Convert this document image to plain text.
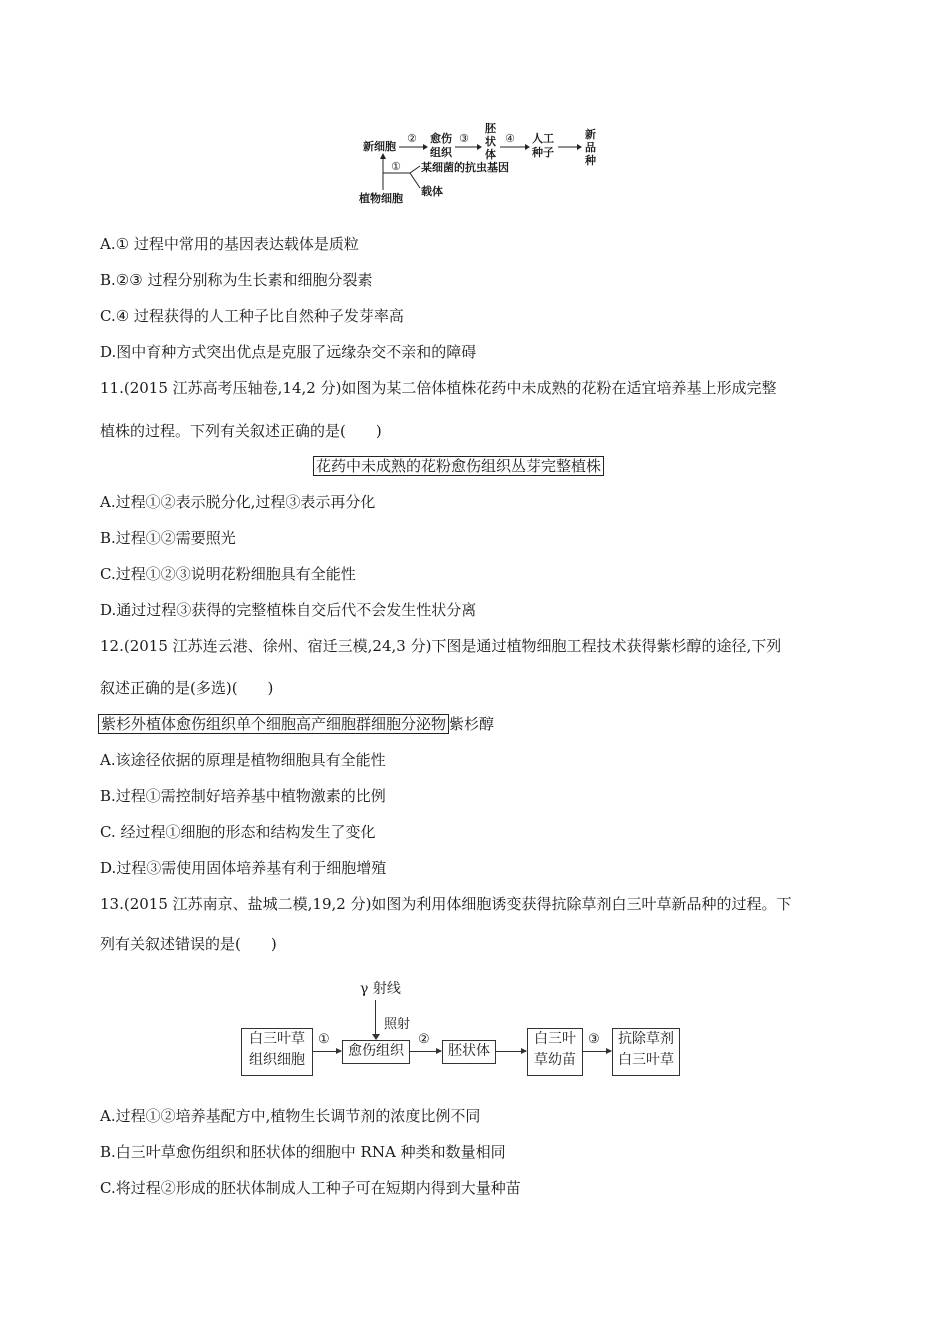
新细胞
② 愈伤
组织
③
胚
状
体
④ 人工
种子
新
品
种
① 某细菌的抗虫基因
载体
植物细胞
A.① 过程中常用的基因表达载体是质粒
B.②③ 过程分别称为生长素和细胞分裂素
C.④ 过程获得的人工种子比自然种子发芽率高
D.图中育种方式突出优点是克服了远缘杂交不亲和的障碍
11.(2015 江苏高考压轴卷,14,2 分)如图为某二倍体植株花药中未成熟的花粉在适宜培养基上形成完整
植株的过程。下列有关叙述正确的是(　　)
花药中未成熟的花粉愈伤组织丛芽完整植株
A.过程①②表示脱分化,过程③表示再分化
B.过程①②需要照光
C.过程①②③说明花粉细胞具有全能性
D.通过过程③获得的完整植株自交后代不会发生性状分离
12.(2015 江苏连云港、徐州、宿迁三模,24,3 分)下图是通过植物细胞工程技术获得紫杉醇的途径,下列
叙述正确的是(多选)(　　)
紫杉外植体愈伤组织单个细胞高产细胞群细胞分泌物 紫杉醇
A.该途径依据的原理是植物细胞具有全能性
B.过程①需控制好培养基中植物激素的比例
C. 经过程①细胞的形态和结构发生了变化
D.过程③需使用固体培养基有利于细胞增殖
13.(2015 江苏南京、盐城二模,19,2 分)如图为利用体细胞诱变获得抗除草剂白三叶草新品种的过程。下
列有关叙述错误的是(　　)
γ 射线
照射
白三叶草
组织细胞
①
愈伤组织
②
胚状体
白三叶
草幼苗
③	抗除草剂
白三叶草
A.过程①②培养基配方中,植物生长调节剂的浓度比例不同
B.白三叶草愈伤组织和胚状体的细胞中 RNA 种类和数量相同
C.将过程②形成的胚状体制成人工种子可在短期内得到大量种苗
